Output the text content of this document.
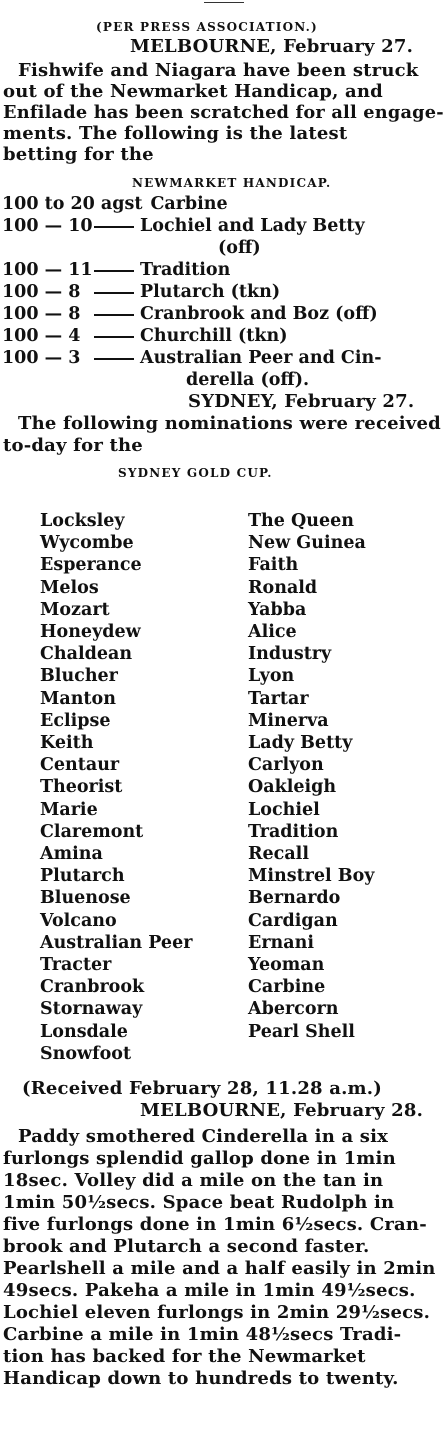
(PER PRESS ASSOCIATION.)
MELBOURNE, February 27.
Fishwife and Niagara have been struck
out of the Newmarket Handicap, and
Enfilade has been scratched for all engage-
ments. The following is the latest
betting for the
NEWMARKET HANDICAP.
100 to 20 agst Carbine
100 — 10	Lochiel and Lady Betty
(off)
100 — 11	Tradition
100 — 8	Plutarch (tkn)
100 — 8	Cranbrook and Boz (off)
100 — 4	Churchill (tkn)
100 — 3	Australian Peer and Cin-
derella (off).
SYDNEY, February 27.
The following nominations were received
to-day for the
SYDNEY GOLD CUP.
Locksley
Wycombe
Esperance
Melos
Mozart
Honeydew
Chaldean
Blucher
Manton
Eclipse
Keith
Centaur
Theorist
Marie
Claremont
Amina
Plutarch
Bluenose
Volcano
Australian Peer
Tracter
Cranbrook
Stornaway
Lonsdale
Snowfoot
The Queen
New Guinea
Faith
Ronald
Yabba
Alice
Industry
Lyon
Tartar
Minerva
Lady Betty
Carlyon
Oakleigh
Lochiel
Tradition
Recall
Minstrel Boy
Bernardo
Cardigan
Ernani
Yeoman
Carbine
Abercorn
Pearl Shell
(Received February 28, 11.28 a.m.)
MELBOURNE, February 28.
Paddy smothered Cinderella in a six
furlongs splendid gallop done in 1min
18sec. Volley did a mile on the tan in
1min 50½secs. Space beat Rudolph in
five furlongs done in 1min 6½secs. Cran-
brook and Plutarch a second faster.
Pearlshell a mile and a half easily in 2min
49secs. Pakeha a mile in 1min 49½secs.
Lochiel eleven furlongs in 2min 29½secs.
Carbine a mile in 1min 48½secs Tradi-
tion has backed for the Newmarket
Handicap down to hundreds to twenty.
